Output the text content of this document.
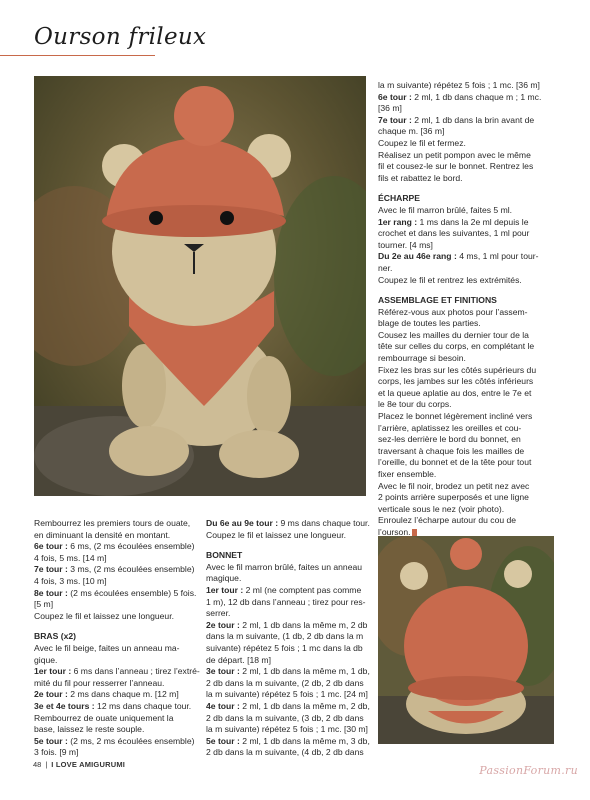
Ourson frileux

Rembourrez les premiers tours de ouate,

en diminuant la densité en montant.

6e tour : 6 ms, (2 ms écoulées ensemble)

4 fois, 5 ms. [14 m]

7e tour : 3 ms, (2 ms écoulées ensemble)

4 fois, 3 ms. [10 m]

8e tour : (2 ms écoulées ensemble) 5 fois.

[5 m]

Coupez le fil et laissez une longueur.

BRAS (x2)

Avec le fil beige, faites un anneau ma-

gique.

1er tour : 6 ms dans l’anneau ; tirez l’extré-

mité du fil pour resserrer l’anneau.

2e tour : 2 ms dans chaque m. [12 m]

3e et 4e tours : 12 ms dans chaque tour.

Rembourrez de ouate uniquement la

base, laissez le reste souple.

5e tour : (2 ms, 2 ms écoulées ensemble)

3 fois. [9 m]

Du 6e au 9e tour : 9 ms dans chaque tour.

Coupez le fil et laissez une longueur.

BONNET

Avec le fil marron brûlé, faites un anneau

magique.

1er tour : 2 ml (ne comptent pas comme

1 m), 12 db dans l’anneau ; tirez pour res-

serrer.

2e tour : 2 ml, 1 db dans la même m, 2 db

dans la m suivante, (1 db, 2 db dans la m

suivante) répétez 5 fois ; 1 mc dans la db

de départ. [18 m]

3e tour : 2 ml, 1 db dans la même m, 1 db,

2 db dans la m suivante, (2 db, 2 db dans

la m suivante) répétez 5 fois ; 1 mc. [24 m]

4e tour : 2 ml, 1 db dans la même m, 2 db,

2 db dans la m suivante, (3 db, 2 db dans

la m suivante) répétez 5 fois ; 1 mc. [30 m]

5e tour : 2 ml, 1 db dans la même m, 3 db,

2 db dans la m suivante, (4 db, 2 db dans

la m suivante) répétez 5 fois ; 1 mc. [36 m]

6e tour : 2 ml, 1 db dans chaque m ; 1 mc.

[36 m]

7e tour : 2 ml, 1 db dans la brin avant de

chaque m. [36 m]

Coupez le fil et fermez.

Réalisez un petit pompon avec le même

fil et cousez-le sur le bonnet. Rentrez les

fils et rabattez le bord.

ÉCHARPE

Avec le fil marron brûlé, faites 5 ml.

1er rang : 1 ms dans la 2e ml depuis le

crochet et dans les suivantes, 1 ml pour

tourner. [4 ms]

Du 2e au 46e rang : 4 ms, 1 ml pour tour-

ner.

Coupez le fil et rentrez les extrémités.

ASSEMBLAGE ET FINITIONS

Référez-vous aux photos pour l’assem-

blage de toutes les parties.

Cousez les mailles du dernier tour de la

tête sur celles du corps, en complétant le

rembourrage si besoin.

Fixez les bras sur les côtés supérieurs du

corps, les jambes sur les côtés inférieurs

et la queue aplatie au dos, entre le 7e et

le 8e tour du corps.

Placez le bonnet légèrement incliné vers

l’arrière, aplatissez les oreilles et cou-

sez-les derrière le bord du bonnet, en

traversant à chaque fois les mailles de

l’oreille, du bonnet et de la tête pour tout

fixer ensemble.

Avec le fil noir, brodez un petit nez avec

2 points arrière superposés et une ligne

verticale sous le nez (voir photo).

Enroulez l’écharpe autour du cou de

l’ourson.

48 | I LOVE AMIGURUMI	PassionForum.ru
